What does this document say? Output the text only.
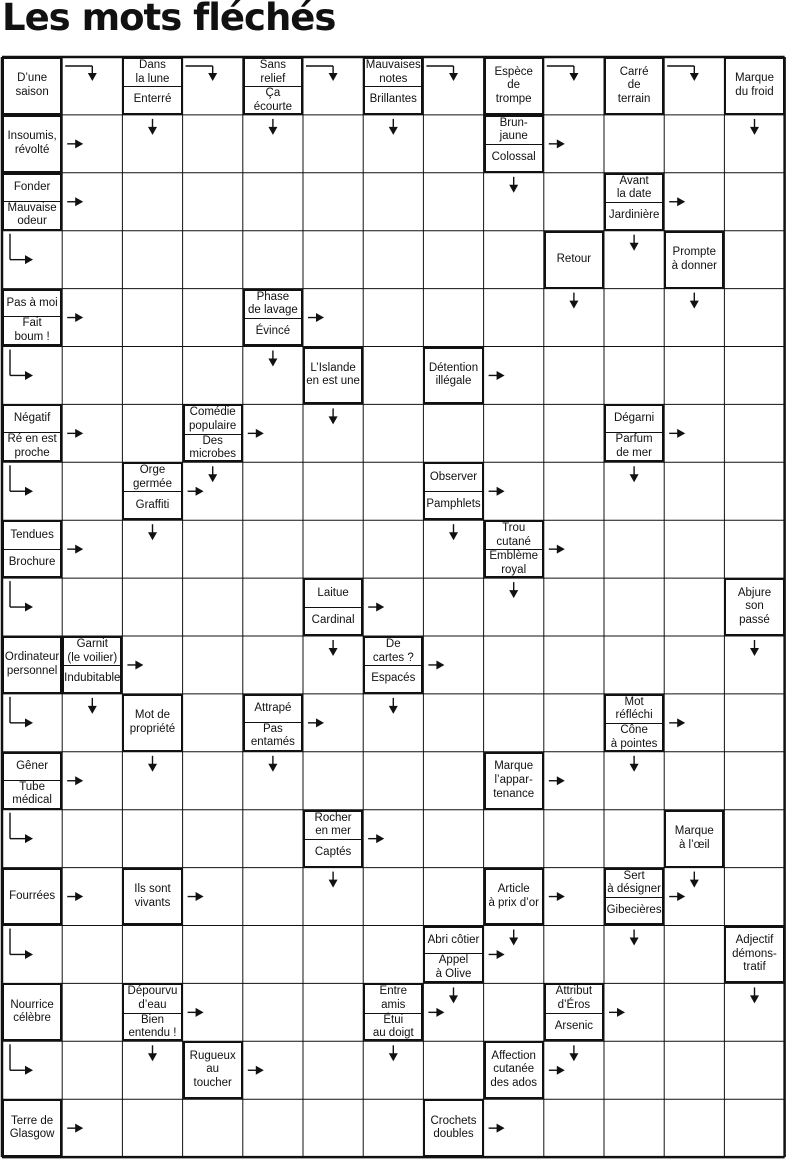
Les mots fléchés
D’une
saison
Dans
la lune
Enterré
Sans relief
Ça écourte
Mauvaises
notes
Brillantes
Espèce
de
trompe
Carré
de
terrain
Marque
du froid
Insoumis,
révolté
Brun-jaune
Colossal
Fonder
Mauvaise
odeur
Avant
la date
Jardinière
Retour
Prompte
à donner
Pas à moi
Fait
boum !
Phase
de lavage
Évincé
L’Islande
en est une
Détention
illégale
Négatif
Ré en est
proche
Comédie
populaire
Des
microbes
Dégarni
Parfum
de mer
Orge
germée
Graffiti
Observer
Pamphlets
Tendues
Brochure
Trou
cutané
Emblème
royal
Laitue
Cardinal
Abjure
son
passé
Ordinateur
personnel
Garnit
(le voilier)
Indubitable
De
cartes ?
Espacés
Mot de
propriété
Attrapé
Pas
entamés
Mot
réfléchi
Cône
à pointes
Gêner
Tube
médical
Marque
l’appar-
tenance
Rocher
en mer
Captés
Marque
à l’œil
Fourrées
Ils sont
vivants
Article
à prix d’or
Sert
à désigner
Gibecières
Abri côtier
Appel
à Olive
Adjectif
démons-
tratif
Nourrice
célèbre
Dépourvu
d’eau
Bien
entendu !
Entre amis
Étui
au doigt
Attribut
d’Éros
Arsenic
Rugueux
au toucher
Affection
cutanée
des ados
Terre de
Glasgow
Crochets
doubles
